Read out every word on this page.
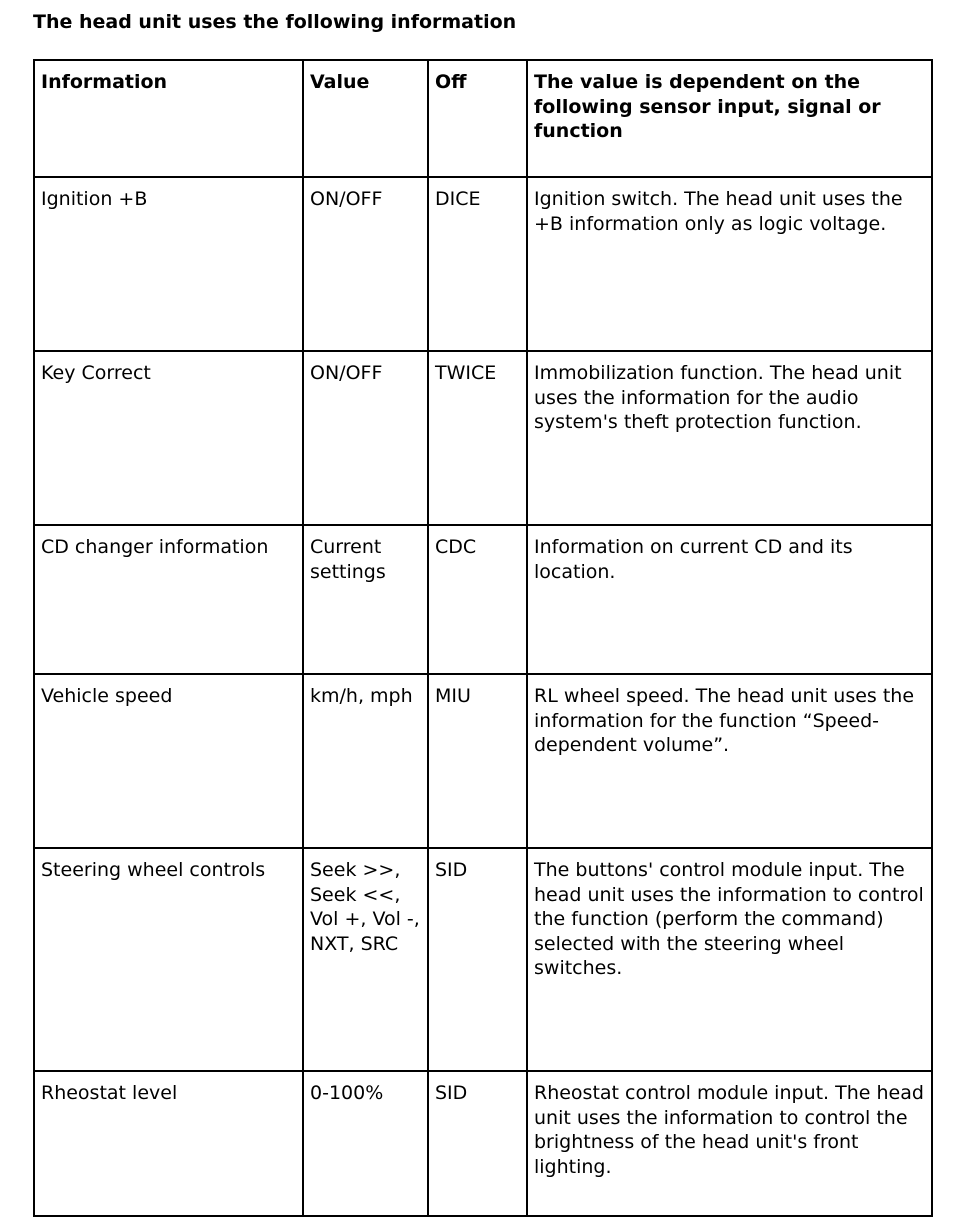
The head unit uses the following information
Information	Value	Off	The value is dependent on the following sensor input, signal or function
Ignition +B	ON/OFF	DICE	Ignition switch. The head unit uses the +B information only as logic voltage.
Key Correct	ON/OFF	TWICE	Immobilization function. The head unit uses the information for the audio system's theft protection function.
CD changer information	Current settings	CDC	Information on current CD and its location.
Vehicle speed	km/h, mph	MIU	RL wheel speed. The head unit uses the information for the function “Speed-dependent volume”.
Steering wheel controls	Seek >>, Seek <<, Vol +, Vol -, NXT, SRC	SID	The buttons' control module input. The head unit uses the information to control the function (perform the command) selected with the steering wheel switches.
Rheostat level	0-100%	SID	Rheostat control module input. The head unit uses the information to control the brightness of the head unit's front lighting.
